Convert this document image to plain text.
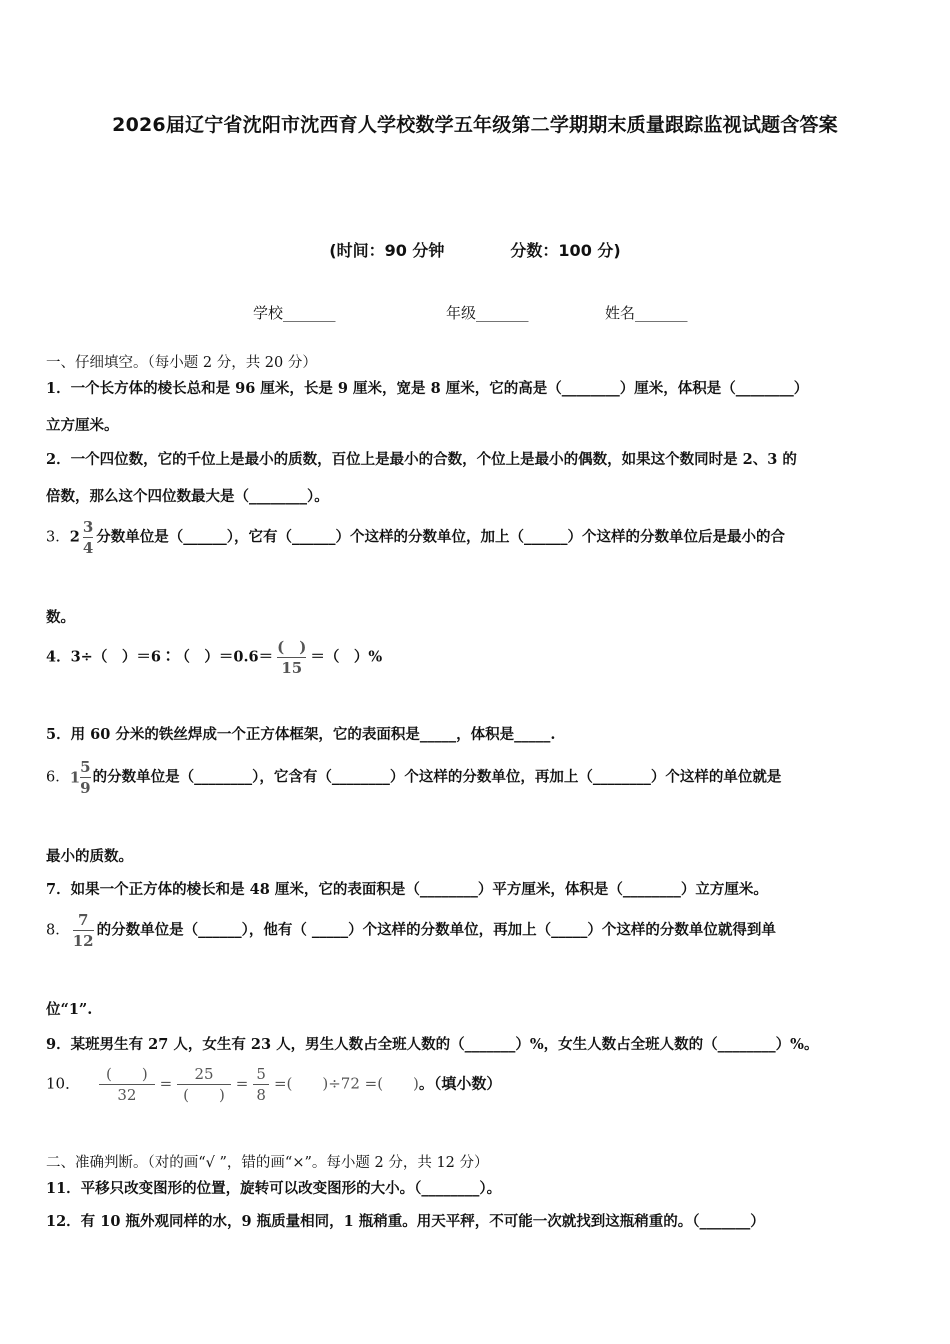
2026届辽宁省沈阳市沈西育人学校数学五年级第二学期期末质量跟踪监视试题含答案
(时间：90 分钟	分数：100 分)
学校_______	年级_______	姓名_______
一、仔细填空。（每小题 2 分，共 20 分）
1．一个长方体的棱长总和是 96 厘米，长是 9 厘米，宽是 8 厘米，它的高是（________）厘米，体积是（________）
立方厘米。
2．一个四位数，它的千位上是最小的质数，百位上是最小的合数，个位上是最小的偶数，如果这个数同时是 2、3 的
倍数，那么这个四位数最大是（________）。
3．$2 \frac{3}{4}$ 分数单位是（______），它有（______）个这样的分数单位，加上（______）个这样的分数单位后是最小的合
数。
4．3÷（　）＝6∶（　）$=0.6= \frac{( )}{15}$ ＝（　）%
5．用 60 分米的铁丝焊成一个正方体框架，它的表面积是_____，体积是_____.
6．$1 \frac{5}{9}$ 的分数单位是（________），它含有（________）个这样的分数单位，再加上（________）个这样的单位就是
最小的质数。
7．如果一个正方体的棱长和是 48 厘米，它的表面积是（________）平方厘米，体积是（________）立方厘米。
8． $\frac{7}{12}$ 的分数单位是（______），他有（ _____）个这样的分数单位，再加上（_____）个这样的分数单位就得到单
位“1”.
9．某班男生有 27 人，女生有 23 人，男生人数占全班人数的（_______）%，女生人数占全班人数的（________）%。
10． $\frac{( )}{32} = \frac{25}{( )} = \frac{5}{8}$ =(　　)÷72 =(　　)。（填小数）
二、准确判断。（对的画“√ ”，错的画“×”。每小题 2 分，共 12 分）
11．平移只改变图形的位置，旋转可以改变图形的大小。（________）。
12．有 10 瓶外观同样的水，9 瓶质量相同，1 瓶稍重。用天平秤，不可能一次就找到这瓶稍重的。（_______）
